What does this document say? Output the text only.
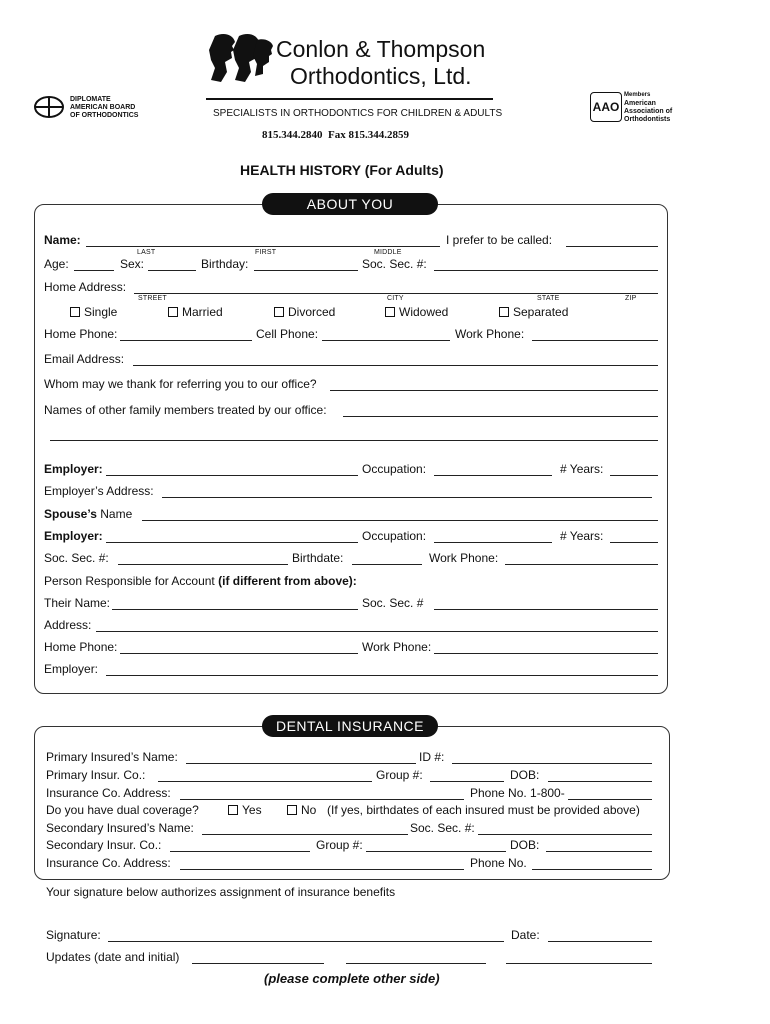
Conlon & Thompson
Orthodontics, Ltd.
SPECIALISTS IN ORTHODONTICS FOR CHILDREN & ADULTS
815.344.2840 Fax 815.344.2859
DIPLOMATE
AMERICAN BOARD
OF ORTHODONTICS
AAO
Members
American
Association of
Orthodontists
HEALTH HISTORY (For Adults)
ABOUT YOU
Name:	I prefer to be called:
LAST	FIRST	MIDDLE
Age:	Sex:	Birthday:	Soc. Sec. #:
Home Address:
STREET	CITY	STATE	ZIP
Single	Married	Divorced	Widowed	Separated
Home Phone:	Cell Phone:	Work Phone:
Email Address:
Whom may we thank for referring you to our office?
Names of other family members treated by our office:
Employer:	Occupation:	# Years:
Employer’s Address:
Spouse’s Name
Employer:	Occupation:	# Years:
Soc. Sec. #:	Birthdate:	Work Phone:
Person Responsible for Account (if different from above):
Their Name:	Soc. Sec. #
Address:
Home Phone:	Work Phone:
Employer:
DENTAL INSURANCE
Primary Insured’s Name:	ID #:
Primary Insur. Co.:	Group #:	DOB:
Insurance Co. Address:	Phone No. 1-800-
Do you have dual coverage?	Yes	No (If yes, birthdates of each insured must be provided above)
Secondary Insured’s Name:	Soc. Sec. #:
Secondary Insur. Co.:	Group #:	DOB:
Insurance Co. Address:	Phone No.
Your signature below authorizes assignment of insurance benefits
Signature:	Date:
Updates (date and initial)
(please complete other side)
